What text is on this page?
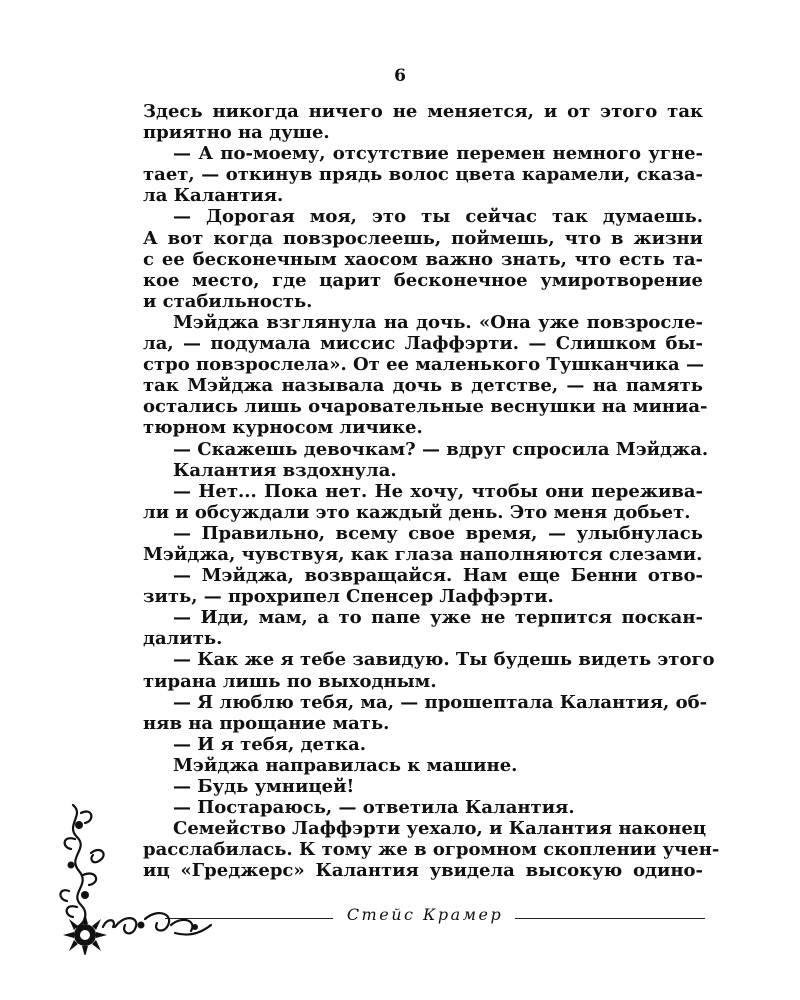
6
Здесь никогда ничего не меняется, и от этого так
приятно на душе.
— А по-моему, отсутствие перемен немного угне-
тает, — откинув прядь волос цвета карамели, сказа-
ла Калантия.
— Дорогая моя, это ты сейчас так думаешь.
А вот когда повзрослеешь, поймешь, что в жизни
с ее бесконечным хаосом важно знать, что есть та-
кое место, где царит бесконечное умиротворение
и стабильность.
Мэйджа взглянула на дочь. «Она уже повзросле-
ла, — подумала миссис Лаффэрти. — Слишком бы-
стро повзрослела». От ее маленького Тушканчика —
так Мэйджа называла дочь в детстве, — на память
остались лишь очаровательные веснушки на миниа-
тюрном курносом личике.
— Скажешь девочкам? — вдруг спросила Мэйджа.
Калантия вздохнула.
— Нет... Пока нет. Не хочу, чтобы они пережива-
ли и обсуждали это каждый день. Это меня добьет.
— Правильно, всему свое время, — улыбнулась
Мэйджа, чувствуя, как глаза наполняются слезами.
— Мэйджа, возвращайся. Нам еще Бенни отво-
зить, — прохрипел Спенсер Лаффэрти.
— Иди, мам, а то папе уже не терпится поскан-
далить.
— Как же я тебе завидую. Ты будешь видеть этого
тирана лишь по выходным.
— Я люблю тебя, ма, — прошептала Калантия, об-
няв на прощание мать.
— И я тебя, детка.
Мэйджа направилась к машине.
— Будь умницей!
— Постараюсь, — ответила Калантия.
Семейство Лаффэрти уехало, и Калантия наконец
расслабилась. К тому же в огромном скоплении учен-
иц «Греджерс» Калантия увидела высокую одино-
Стейс Крамер
